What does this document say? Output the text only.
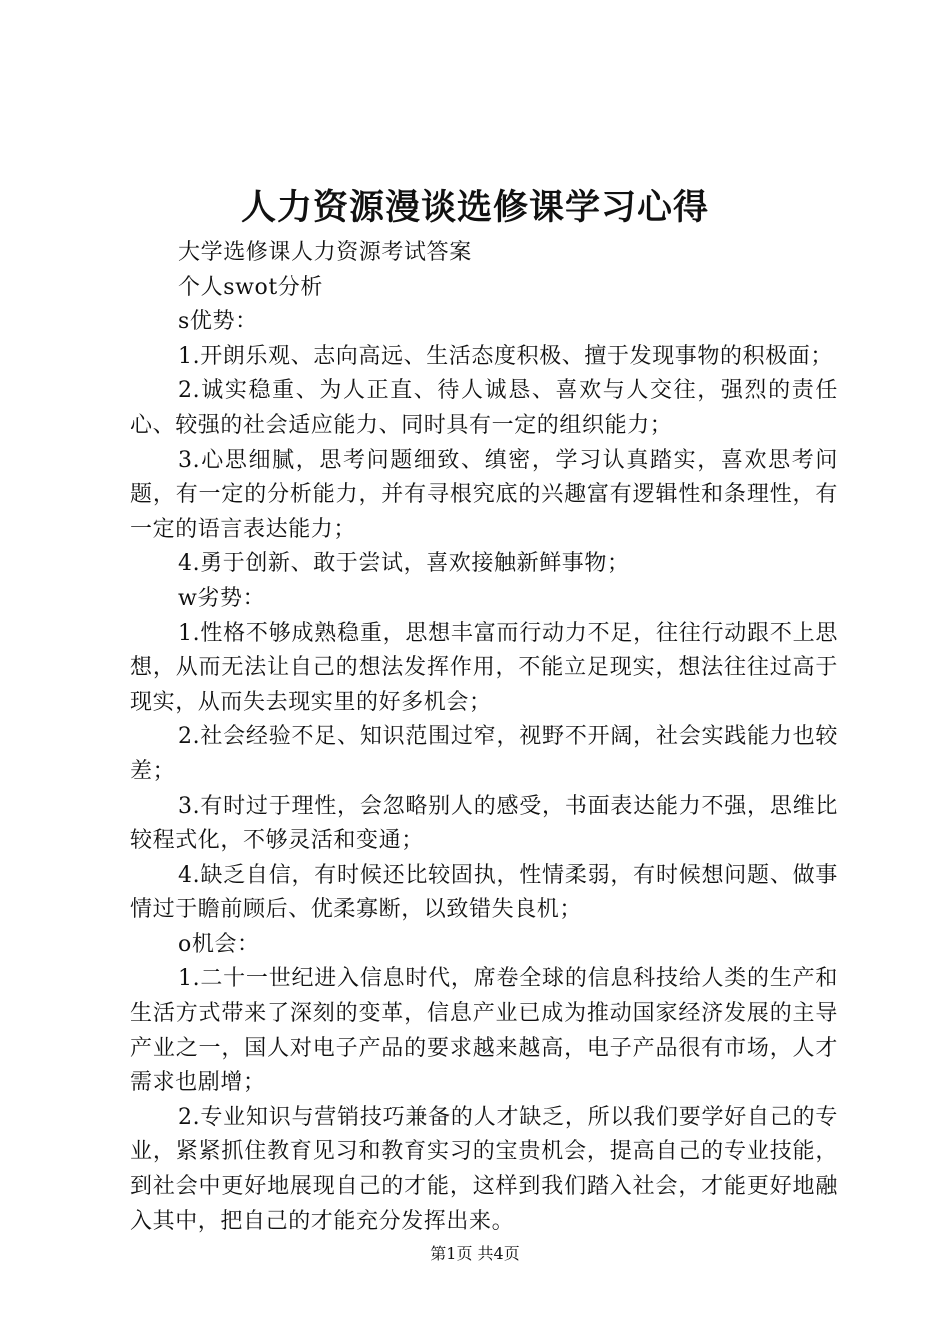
人力资源漫谈选修课学习心得

大学选修课人力资源考试答案

个人swot分析

s优势：

1.开朗乐观、志向高远、生活态度积极、擅于发现事物的积极面；

2.诚实稳重、为人正直、待人诚恳、喜欢与人交往，强烈的责任心、较强的社会适应能力、同时具有一定的组织能力；

3.心思细腻，思考问题细致、缜密，学习认真踏实，喜欢思考问题，有一定的分析能力，并有寻根究底的兴趣富有逻辑性和条理性，有一定的语言表达能力；

4.勇于创新、敢于尝试，喜欢接触新鲜事物；

w劣势：

1.性格不够成熟稳重，思想丰富而行动力不足，往往行动跟不上思想，从而无法让自己的想法发挥作用，不能立足现实，想法往往过高于现实，从而失去现实里的好多机会；

2.社会经验不足、知识范围过窄，视野不开阔，社会实践能力也较差；

3.有时过于理性，会忽略别人的感受，书面表达能力不强，思维比较程式化，不够灵活和变通；

4.缺乏自信，有时候还比较固执，性情柔弱，有时候想问题、做事情过于瞻前顾后、优柔寡断，以致错失良机；

o机会：

1.二十一世纪进入信息时代，席卷全球的信息科技给人类的生产和生活方式带来了深刻的变革，信息产业已成为推动国家经济发展的主导产业之一，国人对电子产品的要求越来越高，电子产品很有市场，人才需求也剧增；

2.专业知识与营销技巧兼备的人才缺乏，所以我们要学好自己的专业，紧紧抓住教育见习和教育实习的宝贵机会，提高自己的专业技能，到社会中更好地展现自己的才能，这样到我们踏入社会，才能更好地融入其中，把自己的才能充分发挥出来。

第1页 共4页
